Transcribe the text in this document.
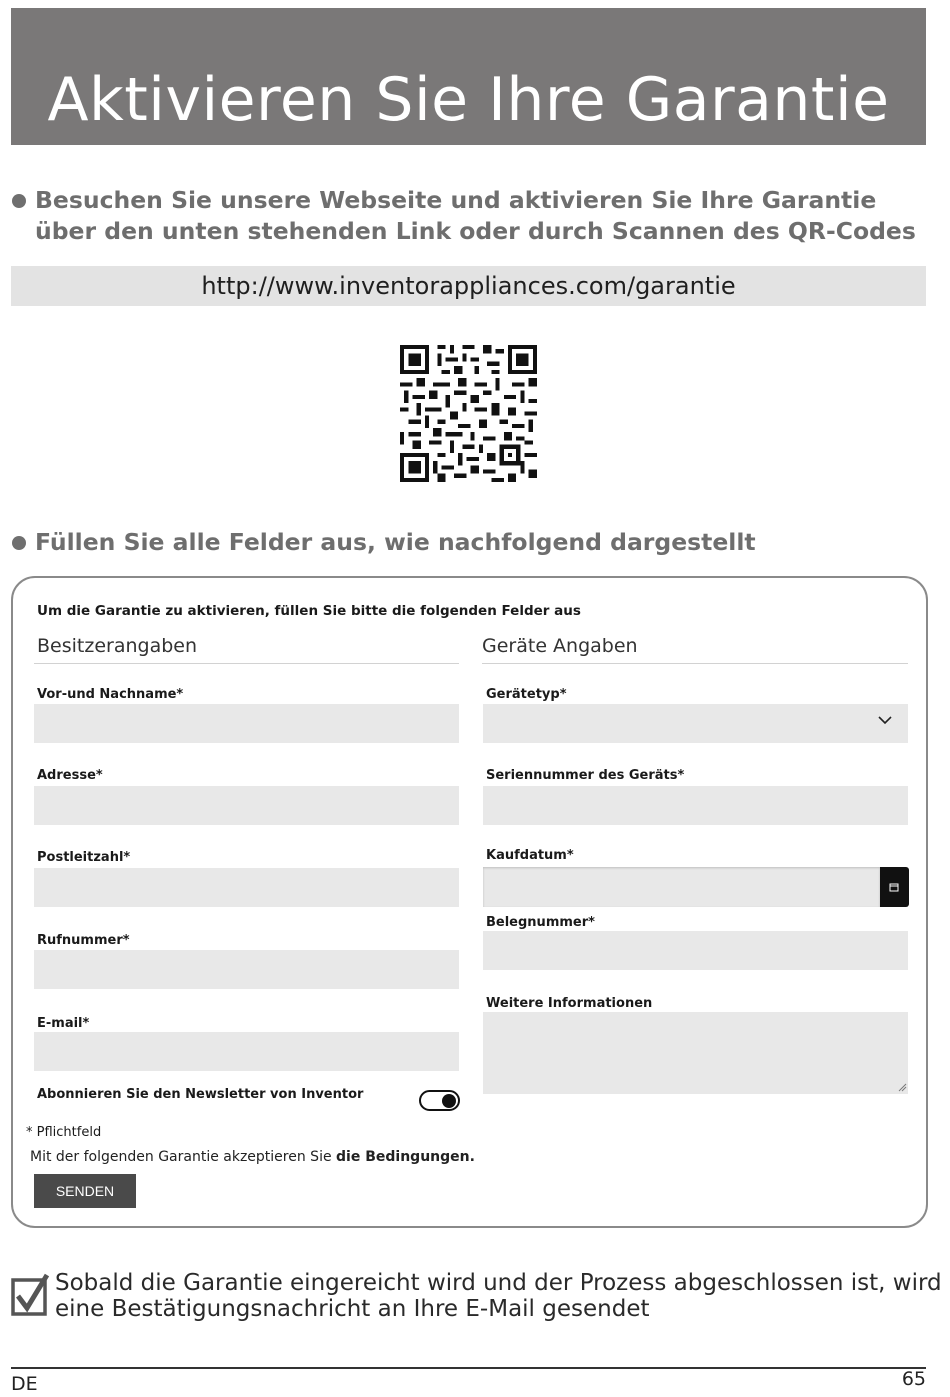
Aktivieren Sie Ihre Garantie
Besuchen Sie unsere Webseite und aktivieren Sie Ihre Garantie über den unten stehenden Link oder durch Scannen des QR-Codes
http://www.inventorappliances.com/garantie
Füllen Sie alle Felder aus, wie nachfolgend dargestellt
Um die Garantie zu aktivieren, füllen Sie bitte die folgenden Felder aus
Besitzerangaben	Geräte Angaben
Vor-und Nachname*
Adresse*
Postleitzahl*
Rufnummer*
E-mail*
Abonnieren Sie den Newsletter von Inventor
Gerätetyp*
Seriennummer des Geräts*
Kaufdatum*
Belegnummer*
Weitere Informationen
* Pflichtfeld
Mit der folgenden Garantie akzeptieren Sie die Bedingungen.
SENDEN
Sobald die Garantie eingereicht wird und der Prozess abgeschlossen ist, wird
eine Bestätigungsnachricht an Ihre E-Mail gesendet
DE	65
